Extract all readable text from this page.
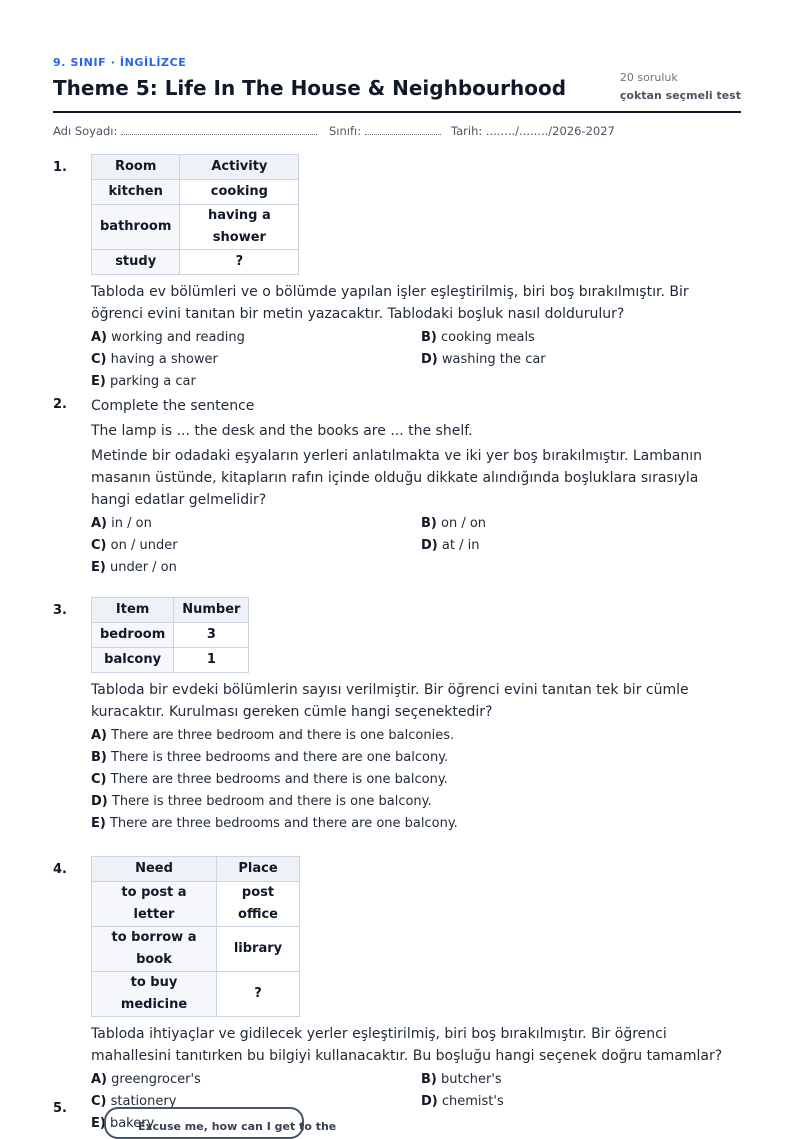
9. SINIF · İNGİLİZCE
Theme 5: Life In The House & Neighbourhood	20 soruluk
çoktan seçmeli test
Adı Soyadı:	Sınıfı:	Tarih: ......../......../2026-2027
1.	Room	Activity
kitchen	cooking
bathroom	having a shower
study	?
Tabloda ev bölümleri ve o bölümde yapılan işler eşleştirilmiş, biri boş bırakılmıştır. Bir öğrenci evini tanıtan bir metin yazacaktır. Tablodaki boşluk nasıl doldurulur?
A) working and reading	B) cooking meals
C) having a shower	D) washing the car
E) parking a car
2. Complete the sentence
The lamp is ... the desk and the books are ... the shelf.
Metinde bir odadaki eşyaların yerleri anlatılmakta ve iki yer boş bırakılmıştır. Lambanın masanın üstünde, kitapların rafın içinde olduğu dikkate alındığında boşluklara sırasıyla hangi edatlar gelmelidir?
A) in / on	B) on / on
C) on / under	D) at / in
E) under / on
3.	Item	Number
bedroom	3
balcony	1
Tabloda bir evdeki bölümlerin sayısı verilmiştir. Bir öğrenci evini tanıtan tek bir cümle kuracaktır. Kurulması gereken cümle hangi seçenektedir?
A) There are three bedroom and there is one balconies.
B) There is three bedrooms and there are one balcony.
C) There are three bedrooms and there is one balcony.
D) There is three bedroom and there is one balcony.
E) There are three bedrooms and there are one balcony.
4.	Need	Place
to post a letter	post office
to borrow a book	library
to buy medicine	?
Tabloda ihtiyaçlar ve gidilecek yerler eşleştirilmiş, biri boş bırakılmıştır. Bir öğrenci mahallesini tanıtırken bu bilgiyi kullanacaktır. Bu boşluğu hangi seçenek doğru tamamlar?
A) greengrocer's	B) butcher's
C) stationery	D) chemist's
E) bakery
5.
Excuse me, how can I get to the
